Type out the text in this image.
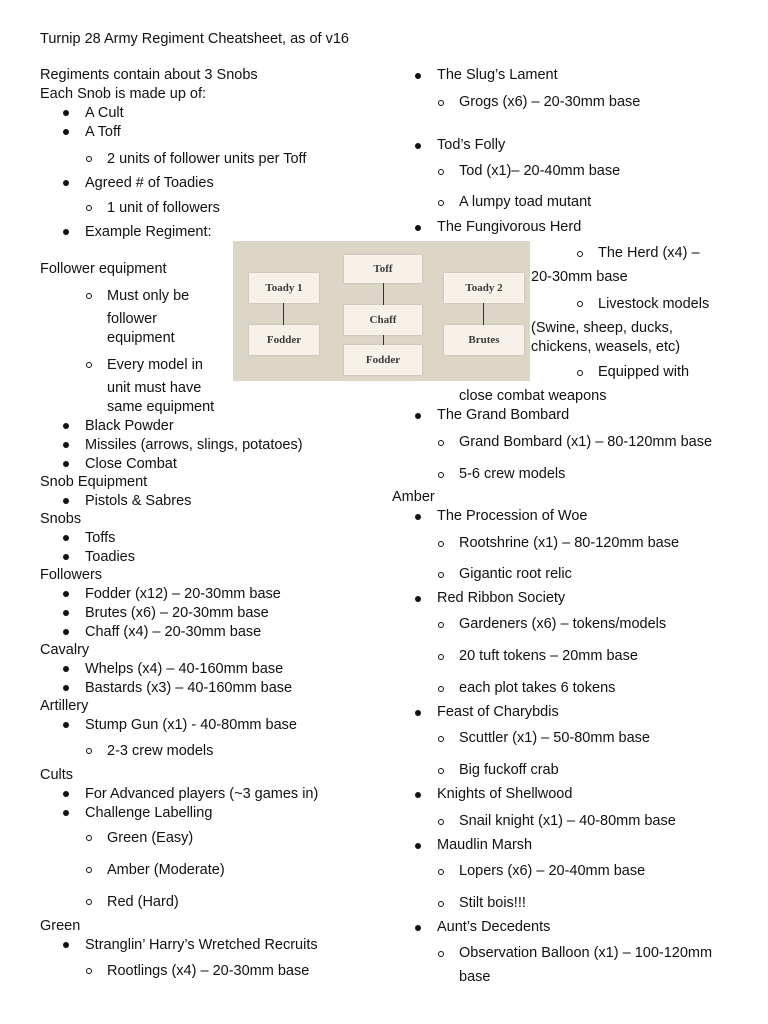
Turnip 28 Army Regiment Cheatsheet, as of v16
Regiments contain about 3 Snobs
Each Snob is made up of:
A Cult
A Toff
2 units of follower units per Toff
Agreed # of Toadies
1 unit of followers
Example Regiment:
Toady 1
Fodder
Toff
Chaff
Fodder
Toady 2
Brutes
Follower equipment
Must only be
follower
equipment
Every model in
unit must have
same equipment
Black Powder
Missiles (arrows, slings, potatoes)
Close Combat
Snob Equipment
Pistols & Sabres
Snobs
Toffs
Toadies
Followers
Fodder (x12) – 20-30mm base
Brutes (x6) – 20-30mm base
Chaff (x4) – 20-30mm base
Cavalry
Whelps (x4) – 40-160mm base
Bastards (x3) – 40-160mm base
Artillery
Stump Gun (x1) - 40-80mm base
2-3 crew models
Cults
For Advanced players (~3 games in)
Challenge Labelling
Green (Easy)
Amber (Moderate)
Red (Hard)
Green
Stranglin’ Harry’s Wretched Recruits
Rootlings (x4) – 20-30mm base
The Slug’s Lament
Grogs (x6) – 20-30mm base
Tod’s Folly
Tod (x1)– 20-40mm base
A lumpy toad mutant
The Fungivorous Herd
The Herd (x4) –
20-30mm base
Livestock models
(Swine, sheep, ducks,
chickens, weasels, etc)
Equipped with
close combat weapons
The Grand Bombard
Grand Bombard (x1) – 80-120mm base
5-6 crew models
Amber
The Procession of Woe
Rootshrine (x1) – 80-120mm base
Gigantic root relic
Red Ribbon Society
Gardeners (x6) – tokens/models
20 tuft tokens – 20mm base
each plot takes 6 tokens
Feast of Charybdis
Scuttler (x1) – 50-80mm base
Big fuckoff crab
Knights of Shellwood
Snail knight (x1) – 40-80mm base
Maudlin Marsh
Lopers (x6) – 20-40mm base
Stilt bois!!!
Aunt’s Decedents
Observation Balloon (x1) – 100-120mm
base
